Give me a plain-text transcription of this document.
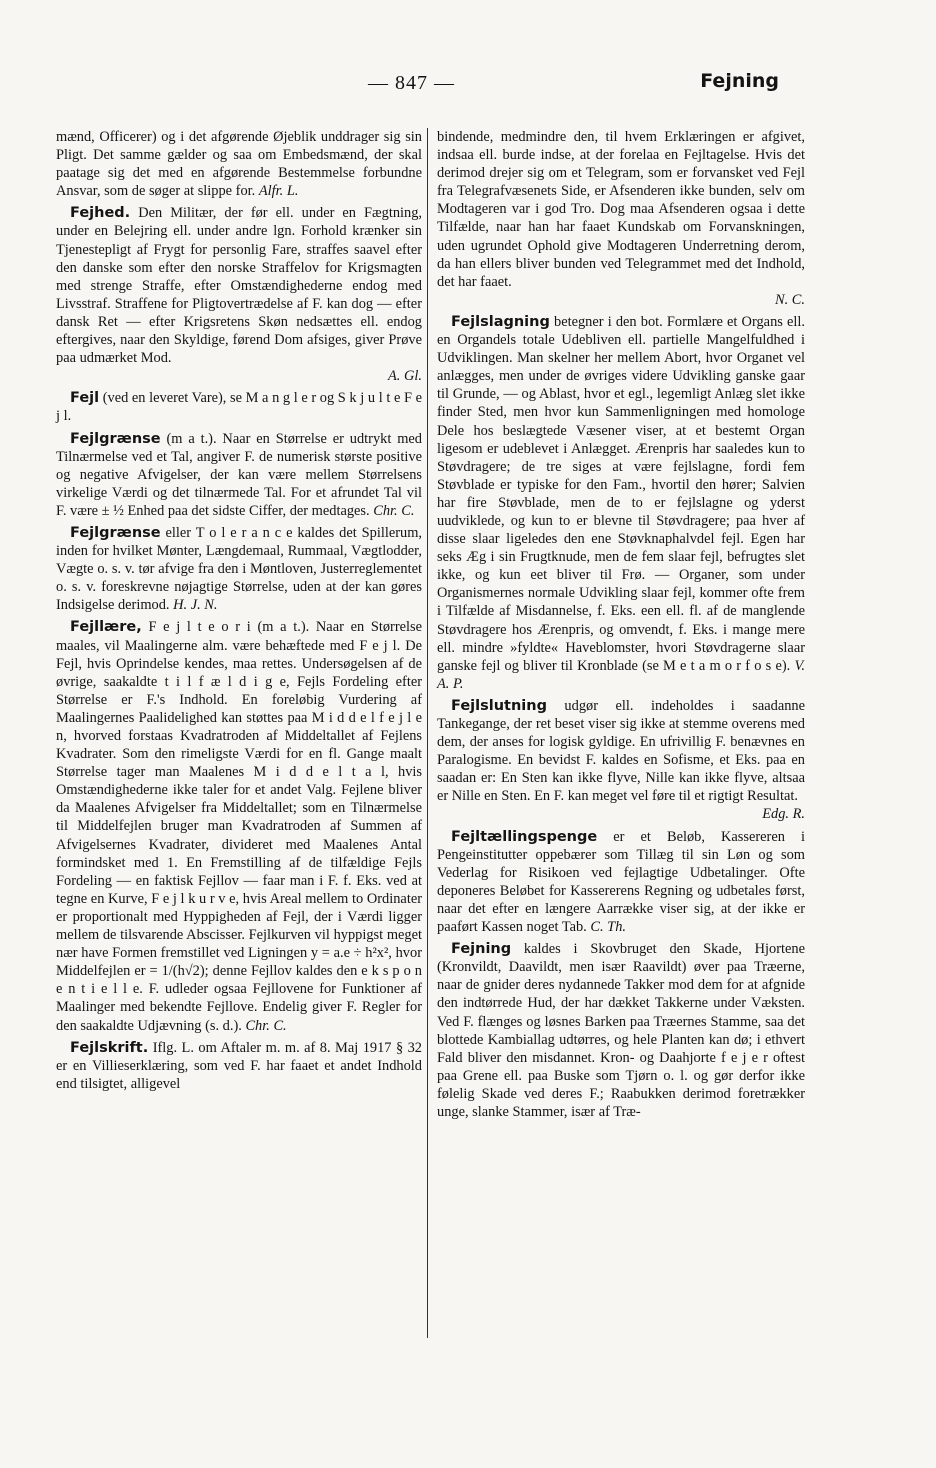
— 847 —	Fejning

mænd, Officerer) og i det afgørende Øjeblik unddrager sig sin Pligt. Det samme gælder og saa om Embedsmænd, der skal paatage sig det med en afgørende Bestemmelse forbundne Ansvar, som de søger at slippe for. Alfr. L.

Fejhed. Den Militær, der før ell. under en Fægtning, under en Belejring ell. under andre lgn. Forhold krænker sin Tjenestepligt af Frygt for personlig Fare, straffes saavel efter den danske som efter den norske Straffelov for Krigsmagten med strenge Straffe, efter Omstændighederne endog med Livsstraf. Straffene for Pligtovertrædelse af F. kan dog — efter dansk Ret — efter Krigsretens Skøn nedsættes ell. endog eftergives, naar den Skyldige, førend Dom afsiges, giver Prøve paa udmærket Mod.
A. Gl.

Fejl (ved en leveret Vare), se M a n g l e r og S k j u l t e F e j l.

Fejlgrænse (m a t.). Naar en Størrelse er udtrykt med Tilnærmelse ved et Tal, angiver F. de numerisk største positive og negative Afvigelser, der kan være mellem Størrelsens virkelige Værdi og det tilnærmede Tal. For et afrundet Tal vil F. være ± ½ Enhed paa det sidste Ciffer, der medtages. Chr. C.

Fejlgrænse eller T o l e r a n c e kaldes det Spillerum, inden for hvilket Mønter, Længdemaal, Rummaal, Vægtlodder, Vægte o. s. v. tør afvige fra den i Møntloven, Justerreglementet o. s. v. foreskrevne nøjagtige Størrelse, uden at der kan gøres Indsigelse derimod. H. J. N.

Fejllære, F e j l t e o r i (m a t.). Naar en Størrelse maales, vil Maalingerne alm. være behæftede med F e j l. De Fejl, hvis Oprindelse kendes, maa rettes. Undersøgelsen af de øvrige, saakaldte t i l f æ l d i g e, Fejls Fordeling efter Størrelse er F.'s Indhold. En foreløbig Vurdering af Maalingernes Paalidelighed kan støttes paa M i d d e l f e j l e n, hvorved forstaas Kvadratroden af Middeltallet af Fejlens Kvadrater. Som den rimeligste Værdi for en fl. Gange maalt Størrelse tager man Maalenes M i d d e l t a l, hvis Omstændighederne ikke taler for et andet Valg. Fejlene bliver da Maalenes Afvigelser fra Middeltallet; som en Tilnærmelse til Middelfejlen bruger man Kvadratroden af Summen af Afvigelsernes Kvadrater, divideret med Maalenes Antal formindsket med 1. En Fremstilling af de tilfældige Fejls Fordeling — en faktisk Fejllov — faar man i F. f. Eks. ved at tegne en Kurve, F e j l k u r v e, hvis Areal mellem to Ordinater er proportionalt med Hyppigheden af Fejl, der i Værdi ligger mellem de tilsvarende Abscisser. Fejlkurven vil hyppigst meget nær have Formen fremstillet ved Ligningen y = a.e ÷ h²x², hvor Middelfejlen er = 1/(h√2); denne Fejllov kaldes den e k s p o n e n t i e l l e. F. udleder ogsaa Fejllovene for Funktioner af Maalinger med bekendte Fejllove. Endelig giver F. Regler for den saakaldte Udjævning (s. d.). Chr. C.

Fejlskrift. Iflg. L. om Aftaler m. m. af 8. Maj 1917 § 32 er en Villieserklæring, som ved F. har faaet et andet Indhold end tilsigtet, alligevel

bindende, medmindre den, til hvem Erklæringen er afgivet, indsaa ell. burde indse, at der forelaa en Fejltagelse. Hvis det derimod drejer sig om et Telegram, som er forvansket ved Fejl fra Telegrafvæsenets Side, er Afsenderen ikke bunden, selv om Modtageren var i god Tro. Dog maa Afsenderen ogsaa i dette Tilfælde, naar han har faaet Kundskab om Forvanskningen, uden ugrundet Ophold give Modtageren Underretning derom, da han ellers bliver bunden ved Telegrammet med det Indhold, det har faaet.
N. C.

Fejlslagning betegner i den bot. Formlære et Organs ell. en Organdels totale Udebliven ell. partielle Mangelfuldhed i Udviklingen. Man skelner her mellem Abort, hvor Organet vel anlægges, men under de øvriges videre Udvikling ganske gaar til Grunde, — og Ablast, hvor et egl., legemligt Anlæg slet ikke finder Sted, men hvor kun Sammenligningen med homologe Dele hos beslægtede Væsener viser, at et bestemt Organ ligesom er udeblevet i Anlægget. Ærenpris har saaledes kun to Støvdragere; de tre siges at være fejlslagne, fordi fem Støvblade er typiske for den Fam., hvortil den hører; Salvien har fire Støvblade, men de to er fejlslagne og yderst uudviklede, og kun to er blevne til Støvdragere; paa hver af disse slaar ligeledes den ene Støvknaphalvdel fejl. Egen har seks Æg i sin Frugtknude, men de fem slaar fejl, befrugtes slet ikke, og kun eet bliver til Frø. — Organer, som under Organismernes normale Udvikling slaar fejl, kommer ofte frem i Tilfælde af Misdannelse, f. Eks. een ell. fl. af de manglende Støvdragere hos Ærenpris, og omvendt, f. Eks. i mange mere ell. mindre »fyldte« Haveblomster, hvori Støvdragerne slaar ganske fejl og bliver til Kronblade (se M e t a m o r f o s e). V. A. P.

Fejlslutning udgør ell. indeholdes i saadanne Tankegange, der ret beset viser sig ikke at stemme overens med dem, der anses for logisk gyldige. En ufrivillig F. benævnes en Paralogisme. En bevidst F. kaldes en Sofisme, et Eks. paa en saadan er: En Sten kan ikke flyve, Nille kan ikke flyve, altsaa er Nille en Sten. En F. kan meget vel føre til et rigtigt Resultat.
Edg. R.

Fejltællingspenge er et Beløb, Kassereren i Pengeinstitutter oppebærer som Tillæg til sin Løn og som Vederlag for Risikoen ved fejlagtige Udbetalinger. Ofte deponeres Beløbet for Kassererens Regning og udbetales først, naar det efter en længere Aarrække viser sig, at der ikke er paaført Kassen noget Tab. C. Th.

Fejning kaldes i Skovbruget den Skade, Hjortene (Kronvildt, Daavildt, men især Raavildt) øver paa Træerne, naar de gnider deres nydannede Takker mod dem for at afgnide den indtørrede Hud, der har dækket Takkerne under Væksten. Ved F. flænges og løsnes Barken paa Træernes Stamme, saa det blottede Kambiallag udtørres, og hele Planten kan dø; i ethvert Fald bliver den misdannet. Kron- og Daahjorte f e j e r oftest paa Grene ell. paa Buske som Tjørn o. l. og gør derfor ikke følelig Skade ved deres F.; Raabukken derimod foretrækker unge, slanke Stammer, især af Træ-
